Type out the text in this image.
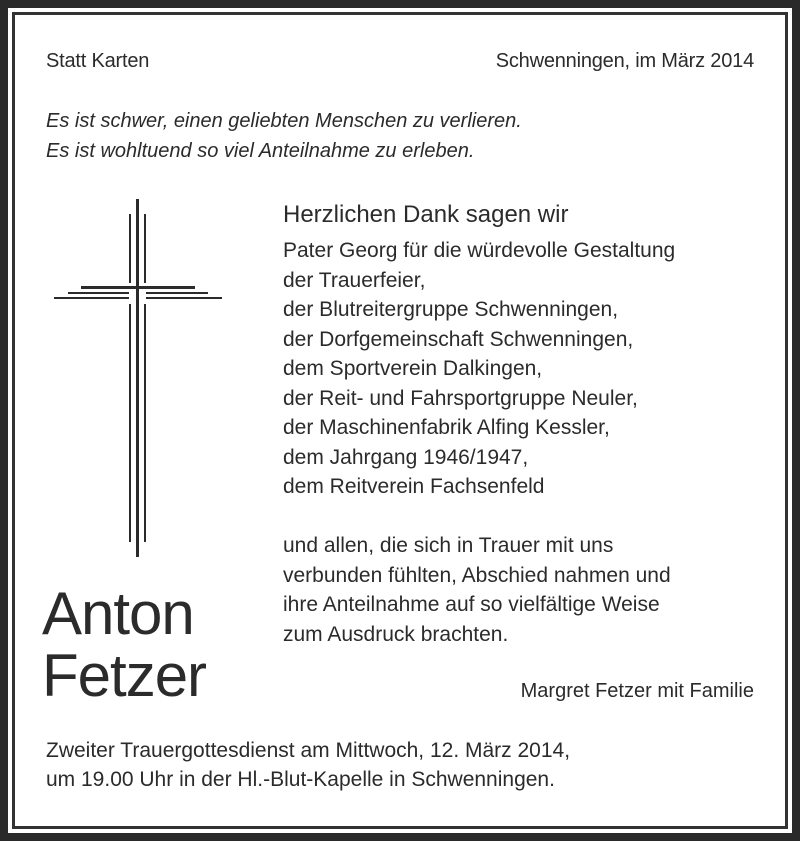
Statt Karten	Schwenningen, im März 2014
Es ist schwer, einen geliebten Menschen zu verlieren.
Es ist wohltuend so viel Anteilnahme zu erleben.
Herzlichen Dank sagen wir
Pater Georg für die würdevolle Gestaltung
der Trauerfeier,
der Blutreitergruppe Schwenningen,
der Dorfgemeinschaft Schwenningen,
dem Sportverein Dalkingen,
der Reit- und Fahrsportgruppe Neuler,
der Maschinenfabrik Alfing Kessler,
dem Jahrgang 1946/1947,
dem Reitverein Fachsenfeld
und allen, die sich in Trauer mit uns
verbunden fühlten, Abschied nahmen und
ihre Anteilnahme auf so vielfältige Weise
zum Ausdruck brachten.
Anton
Fetzer	Margret Fetzer mit Familie
Zweiter Trauergottesdienst am Mittwoch, 12. März 2014,
um 19.00 Uhr in der Hl.-Blut-Kapelle in Schwenningen.
